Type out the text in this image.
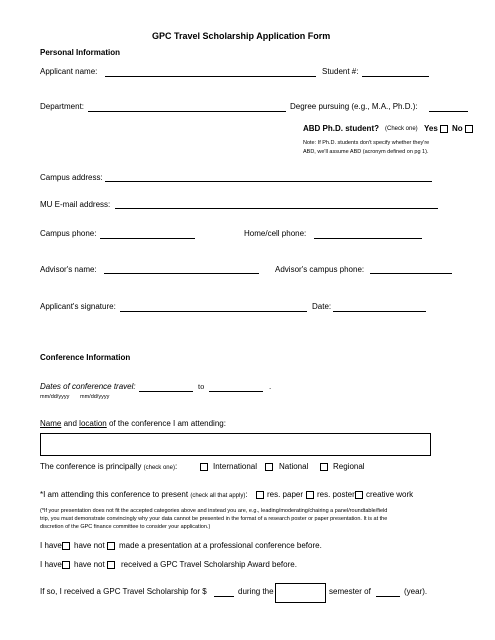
GPC Travel Scholarship Application Form
Personal Information
Applicant name:	Student #:
Department:	Degree pursuing (e.g., M.A., Ph.D.):
ABD Ph.D. student? (Check one) Yes No
Note: If Ph.D. students don't specify whether they're
ABD, we'll assume ABD (acronym defined on pg 1).
Campus address:
MU E-mail address:
Campus phone:	Home/cell phone:
Advisor's name:	Advisor's campus phone:
Applicant's signature:	Date:
Conference Information
Dates of conference travel:	to	.
mm/dd/yyyy mm/dd/yyyy
Name and location of the conference I am attending:
The conference is principally (check one):	International	National	Regional
*I am attending this conference to present (check all that apply): res. paper res. poster creative work
(*If your presentation does not fit the accepted categories above and instead you are, e.g., leading/moderating/chairing a panel/roundtable/field
trip, you must demonstrate convincingly why your data cannot be presented in the format of a research poster or paper presentation. It is at the
discretion of the GPC finance committee to consider your application.)
I have have not made a presentation at a professional conference before.
I have have not received a GPC Travel Scholarship Award before.
If so, I received a GPC Travel Scholarship for $	during the	semester of	(year).
